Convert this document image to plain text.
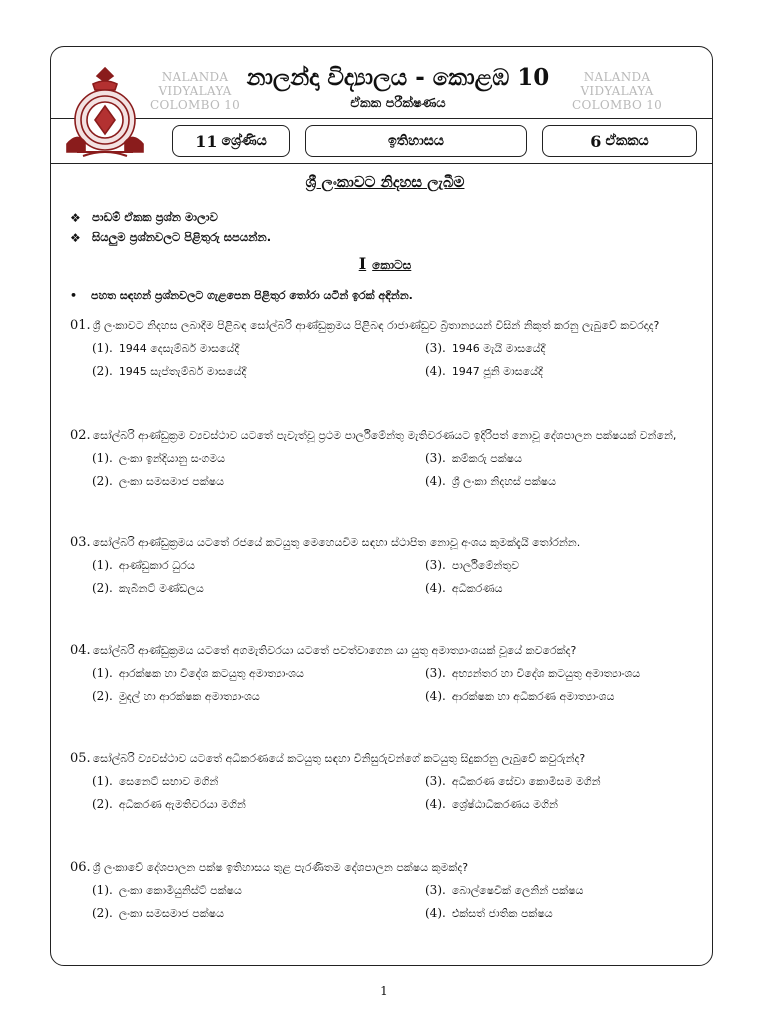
NALANDA
VIDYALAYA
COLOMBO 10
NALANDA
VIDYALAYA
COLOMBO 10
නාලන්දා විද්‍යාලය - කොළඹ 10
ඒකක පරීක්ෂණය
11 ශ්‍රේණිය	ඉතිහාසය	6 ඒකකය
ශ්‍රී ලංකාවට නිදහස ලැබීම
❖ පාඩම් ඒකක ප්‍රශ්න මාලාව
❖ සියලුම ප්‍රශ්නවලට පිළිතුරු සපයන්න.
I කොටස
• පහත සඳහන් ප්‍රශ්නවලට ගැළපෙන පිළිතුර තෝරා යටින් ඉරක් අඳින්න.
01. ශ්‍රී ලංකාවට නිදහස ලබාදීම පිළිබඳ සෝල්බරි ආණ්ඩුක්‍රමය පිළිබඳ රාජාණ්ඩුව බ්‍රිතාන්‍යයන් විසින් නිකුත් කරනු ලැබුවේ කවරදාද?
(1). 1944 දෙසැම්බර් මාසයේදී	(3). 1946 මැයි මාසයේදී
(2). 1945 සැප්තැම්බර් මාසයේදී	(4). 1947 ජූනි මාසයේදී
02. සෝල්බරි ආණ්ඩුක්‍රම ව්‍යවස්ථාව යටතේ පැවැත්වූ ප්‍රථම පාර්ලිමේන්තු මැතිවරණයට ඉදිරිපත් නොවූ දේශපාලන පක්ෂයක් වන්නේ,
(1). ලංකා ඉන්දියානු සංගමය	(3). කම්කරු පක්ෂය
(2). ලංකා සමසමාජ පක්ෂය	(4). ශ්‍රී ලංකා නිදහස් පක්ෂය
03. සෝල්බරි ආණ්ඩුක්‍රමය යටතේ රජයේ කටයුතු මෙහෙයවීම සඳහා ස්ථාපිත නොවූ අංශය කුමක්දැයි තෝරන්න.
(1). ආණ්ඩුකාර ධුරය	(3). පාර්ලිමේන්තුව
(2). කැබිනට් මණ්ඩලය	(4). අධිකරණය
04. සෝල්බරි ආණ්ඩුක්‍රමය යටතේ අගමැතිවරයා යටතේ පවත්වාගෙන යා යුතු අමාත්‍යාංශයක් වූයේ කවරෙක්ද?
(1). ආරක්ෂක හා විදේශ කටයුතු අමාත්‍යාංශය	(3). අභ්‍යන්තර හා විදේශ කටයුතු අමාත්‍යාංශය
(2). මුදල් හා ආරක්ෂක අමාත්‍යාංශය	(4). ආරක්ෂක හා අධිකරණ අමාත්‍යාංශය
05. සෝල්බරි ව්‍යවස්ථාව යටතේ අධිකරණයේ කටයුතු සඳහා විනිසුරුවන්ගේ කටයුතු සිදුකරනු ලැබුවේ කවුරුන්ද?
(1). සෙනෙට් සභාව මගින්	(3). අධිකරණ සේවා කොමිසම මගින්
(2). අධිකරණ ඇමතිවරයා මගින්	(4). ශ්‍රේෂ්ඨාධිකරණය මගින්
06. ශ්‍රී ලංකාවේ දේශපාලන පක්ෂ ඉතිහාසය තුළ පැරණිතම දේශපාලන පක්ෂය කුමක්ද?
(1). ලංකා කොමියුනිස්ට් පක්ෂය	(3). බොල්ෂෙවික් ලෙනින් පක්ෂය
(2). ලංකා සමසමාජ පක්ෂය	(4). එක්සත් ජාතික පක්ෂය
1
